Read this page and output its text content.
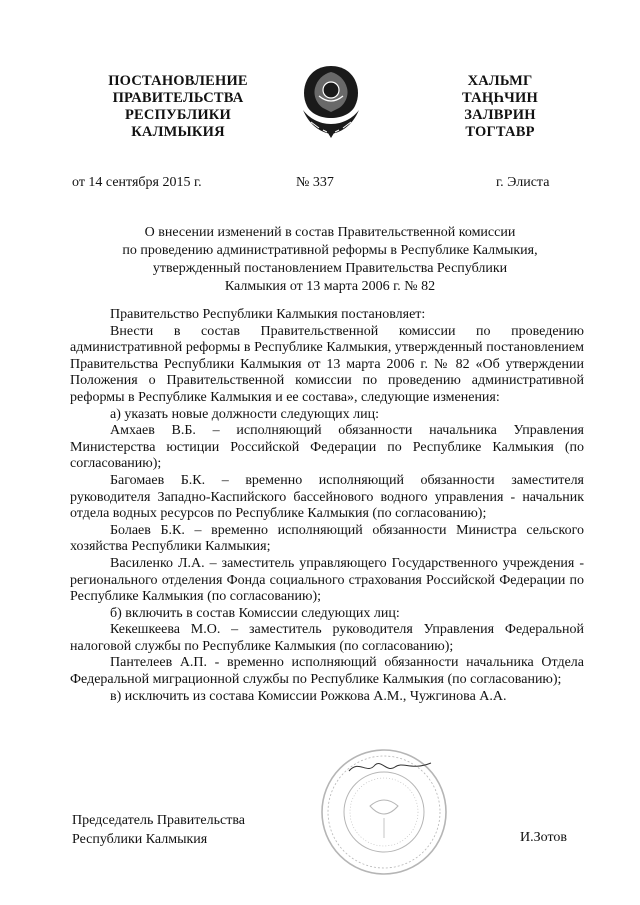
ПОСТАНОВЛЕНИЕ
ПРАВИТЕЛЬСТВА
РЕСПУБЛИКИ
КАЛМЫКИЯ
ХАЛЬМГ
ТАҢҺЧИН
ЗАЛВРИН
ТОГТАВР
от 14 сентября 2015 г.	№ 337	г. Элиста
О внесении изменений в состав Правительственной комиссии
по проведению административной реформы в Республике Калмыкия,
утвержденный постановлением Правительства Республики
Калмыкия от 13 марта 2006 г. № 82

Правительство Республики Калмыкия постановляет:

Внести в состав Правительственной комиссии по проведению административной реформы в Республике Калмыкия, утвержденный постановлением Правительства Республики Калмыкия от 13 марта 2006 г. № 82 «Об утверждении Положения о Правительственной комиссии по проведению административной реформы в Республике Калмыкия и ее состава», следующие изменения:

а) указать новые должности следующих лиц:

Амхаев В.Б. – исполняющий обязанности начальника Управления Министерства юстиции Российской Федерации по Республике Калмыкия (по согласованию);

Багомаев Б.К. – временно исполняющий обязанности заместителя руководителя Западно-Каспийского бассейнового водного управления - начальник отдела водных ресурсов по Республике Калмыкия (по согласованию);

Болаев Б.К. – временно исполняющий обязанности Министра сельского хозяйства Республики Калмыкия;

Василенко Л.А. – заместитель управляющего Государственного учреждения - регионального отделения Фонда социального страхования Российской Федерации по Республике Калмыкия (по согласованию);

б) включить в состав Комиссии следующих лиц:

Кекешкеева М.О. – заместитель руководителя Управления Федеральной налоговой службы по Республике Калмыкия (по согласованию);

Пантелеев А.П. - временно исполняющий обязанности начальника Отдела Федеральной миграционной службы по Республике Калмыкия (по согласованию);

в) исключить из состава Комиссии Рожкова А.М., Чужгинова А.А.

Председатель Правительства
Республики Калмыкия	И.Зотов
